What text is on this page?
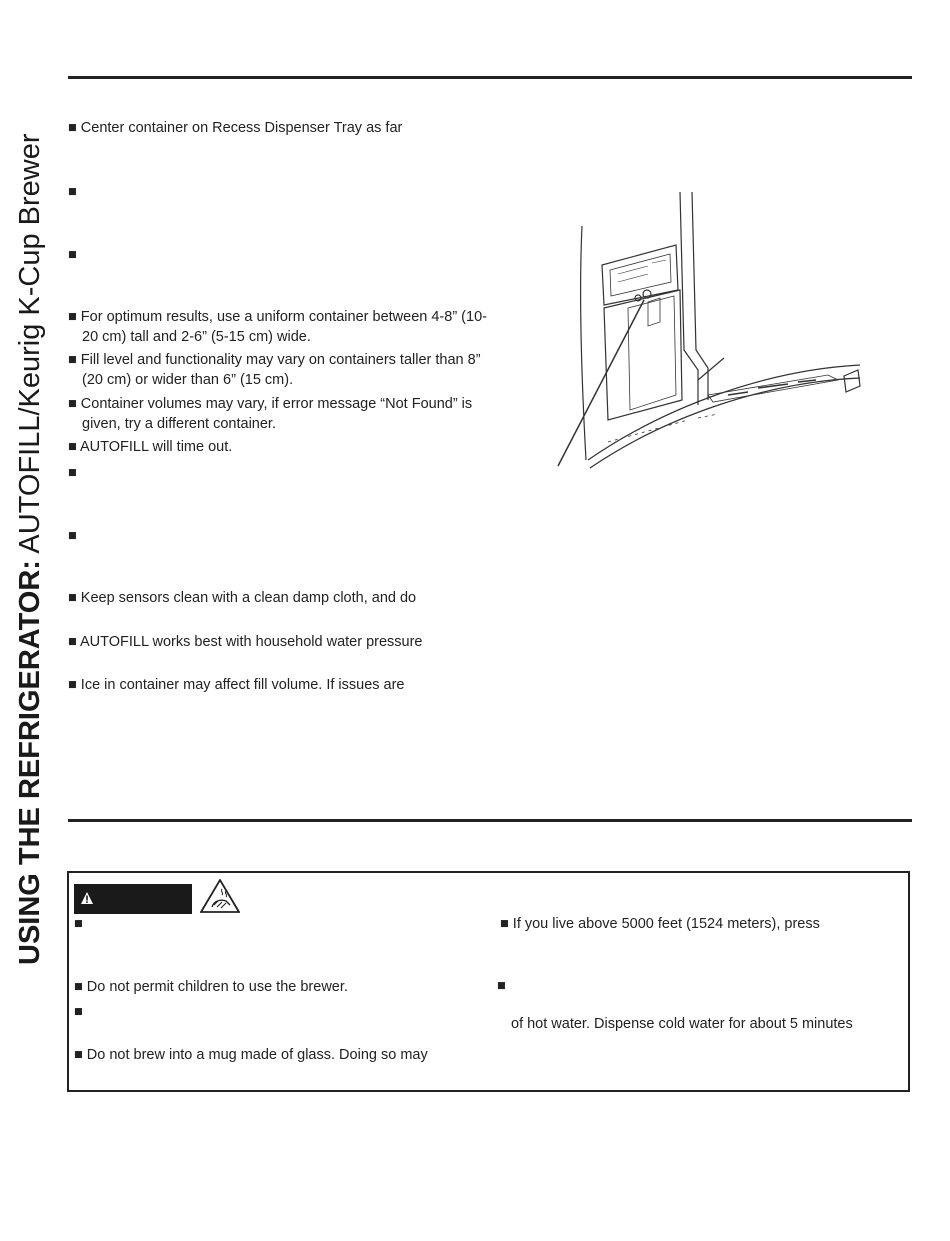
USING THE REFRIGERATOR: AUTOFILL/Keurig K-Cup Brewer
■ Center container on Recess Dispenser Tray as far
■
■
■ For optimum results, use a uniform container between 4-8” (10-20 cm) tall and 2-6” (5-15 cm) wide.
■ Fill level and functionality may vary on containers taller than 8” (20 cm) or wider than 6” (15 cm).
■ Container volumes may vary, if error message “Not Found” is given, try a different container.
■ AUTOFILL will time out.
■
■
■ Keep sensors clean with a clean damp cloth, and do
■ AUTOFILL works best with household water pressure
■ Ice in container may affect fill volume. If issues are
■
■ Do not permit children to use the brewer.
■
■ Do not brew into a mug made of glass. Doing so may
■ If you live above 5000 feet (1524 meters), press
■
of hot water. Dispense cold water for about 5 minutes
